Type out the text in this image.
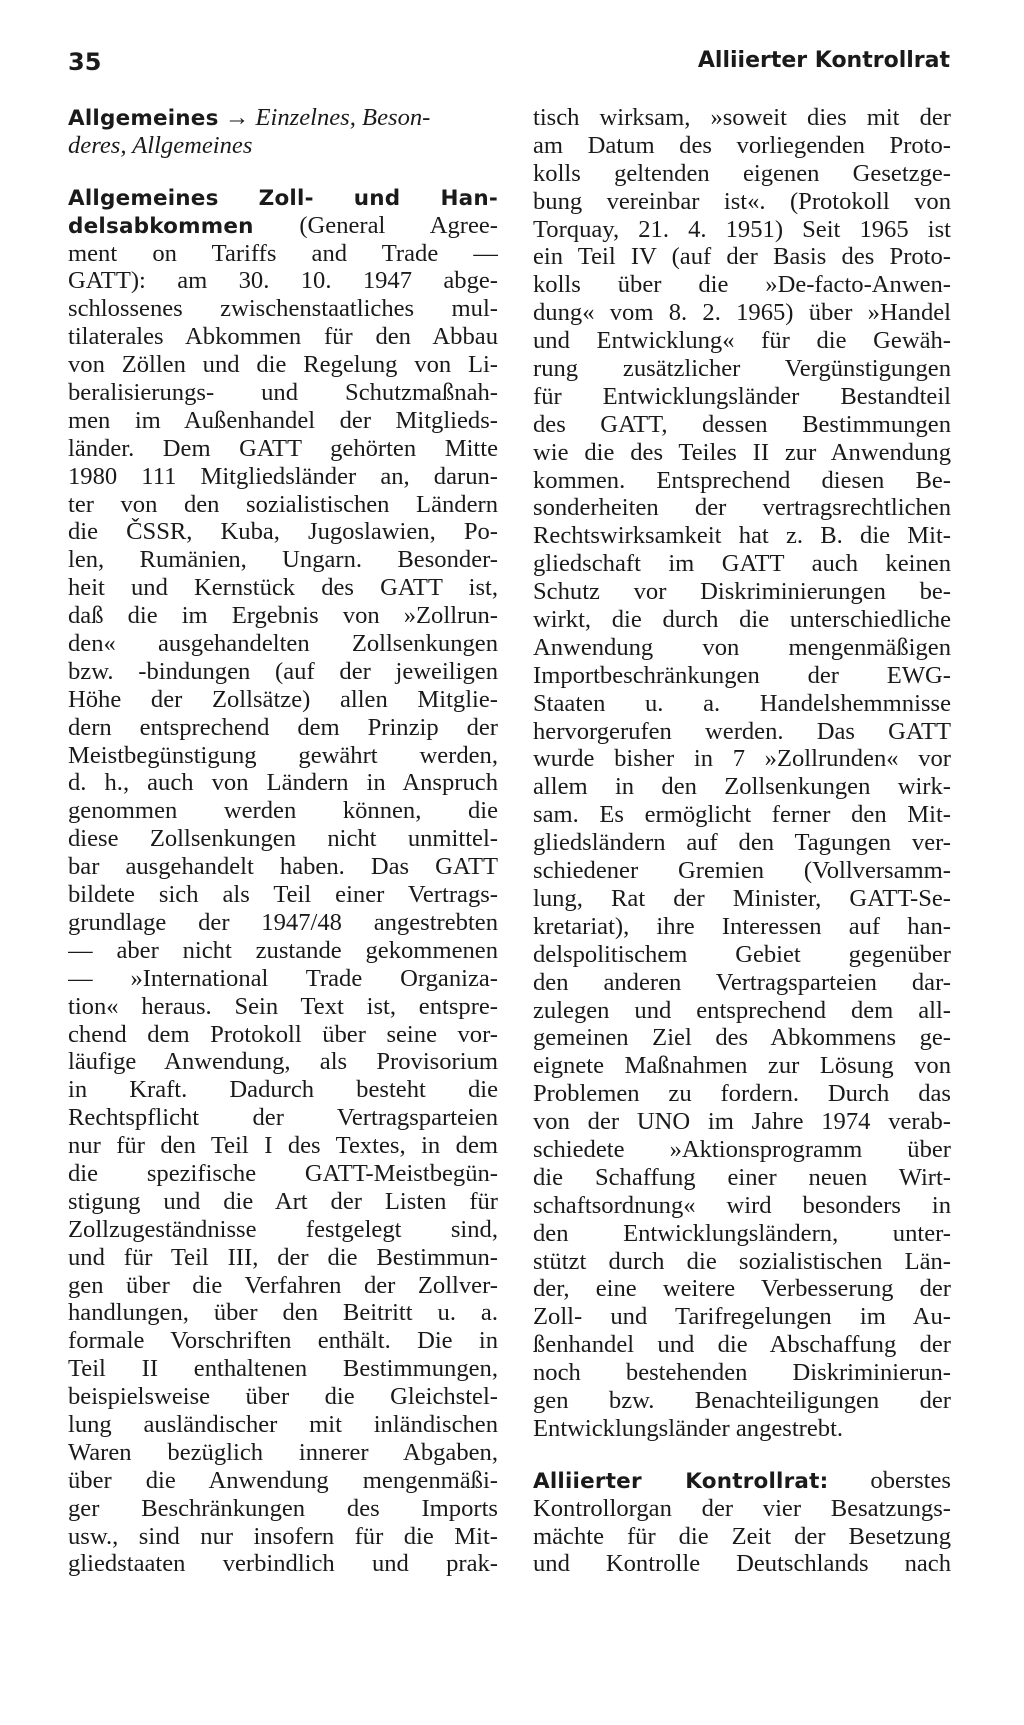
35	Alliierter Kontrollrat
Allgemeines → Einzelnes, Beson-
deres, Allgemeines
Allgemeines Zoll- und Han-
delsabkommen (General Agree-
ment on Tariffs and Trade —
GATT): am 30. 10. 1947 abge-
schlossenes zwischenstaatliches mul-
tilaterales Abkommen für den Abbau
von Zöllen und die Regelung von Li-
beralisierungs- und Schutzmaßnah-
men im Außenhandel der Mitglieds-
länder. Dem GATT gehörten Mitte
1980 111 Mitgliedsländer an, darun-
ter von den sozialistischen Ländern
die ČSSR, Kuba, Jugoslawien, Po-
len, Rumänien, Ungarn. Besonder-
heit und Kernstück des GATT ist,
daß die im Ergebnis von »Zollrun-
den« ausgehandelten Zollsenkungen
bzw. -bindungen (auf der jeweiligen
Höhe der Zollsätze) allen Mitglie-
dern entsprechend dem Prinzip der
Meistbegünstigung gewährt werden,
d. h., auch von Ländern in Anspruch
genommen werden können, die
diese Zollsenkungen nicht unmittel-
bar ausgehandelt haben. Das GATT
bildete sich als Teil einer Vertrags-
grundlage der 1947/48 angestrebten
— aber nicht zustande gekommenen
— »International Trade Organiza-
tion« heraus. Sein Text ist, entspre-
chend dem Protokoll über seine vor-
läufige Anwendung, als Provisorium
in Kraft. Dadurch besteht die
Rechtspflicht der Vertragsparteien
nur für den Teil I des Textes, in dem
die spezifische GATT-Meistbegün-
stigung und die Art der Listen für
Zollzugeständnisse festgelegt sind,
und für Teil III, der die Bestimmun-
gen über die Verfahren der Zollver-
handlungen, über den Beitritt u. a.
formale Vorschriften enthält. Die in
Teil II enthaltenen Bestimmungen,
beispielsweise über die Gleichstel-
lung ausländischer mit inländischen
Waren bezüglich innerer Abgaben,
über die Anwendung mengenmäßi-
ger Beschränkungen des Imports
usw., sind nur insofern für die Mit-
gliedstaaten verbindlich und prak-
tisch wirksam, »soweit dies mit der
am Datum des vorliegenden Proto-
kolls geltenden eigenen Gesetzge-
bung vereinbar ist«. (Protokoll von
Torquay, 21. 4. 1951) Seit 1965 ist
ein Teil IV (auf der Basis des Proto-
kolls über die »De-facto-Anwen-
dung« vom 8. 2. 1965) über »Handel
und Entwicklung« für die Gewäh-
rung zusätzlicher Vergünstigungen
für Entwicklungsländer Bestandteil
des GATT, dessen Bestimmungen
wie die des Teiles II zur Anwendung
kommen. Entsprechend diesen Be-
sonderheiten der vertragsrechtlichen
Rechtswirksamkeit hat z. B. die Mit-
gliedschaft im GATT auch keinen
Schutz vor Diskriminierungen be-
wirkt, die durch die unterschiedliche
Anwendung von mengenmäßigen
Importbeschränkungen der EWG-
Staaten u. a. Handelshemmnisse
hervorgerufen werden. Das GATT
wurde bisher in 7 »Zollrunden« vor
allem in den Zollsenkungen wirk-
sam. Es ermöglicht ferner den Mit-
gliedsländern auf den Tagungen ver-
schiedener Gremien (Vollversamm-
lung, Rat der Minister, GATT-Se-
kretariat), ihre Interessen auf han-
delspolitischem Gebiet gegenüber
den anderen Vertragsparteien dar-
zulegen und entsprechend dem all-
gemeinen Ziel des Abkommens ge-
eignete Maßnahmen zur Lösung von
Problemen zu fordern. Durch das
von der UNO im Jahre 1974 verab-
schiedete »Aktionsprogramm über
die Schaffung einer neuen Wirt-
schaftsordnung« wird besonders in
den Entwicklungsländern, unter-
stützt durch die sozialistischen Län-
der, eine weitere Verbesserung der
Zoll- und Tarifregelungen im Au-
ßenhandel und die Abschaffung der
noch bestehenden Diskriminierun-
gen bzw. Benachteiligungen der
Entwicklungsländer angestrebt.
Alliierter Kontrollrat: oberstes
Kontrollorgan der vier Besatzungs-
mächte für die Zeit der Besetzung
und Kontrolle Deutschlands nach
